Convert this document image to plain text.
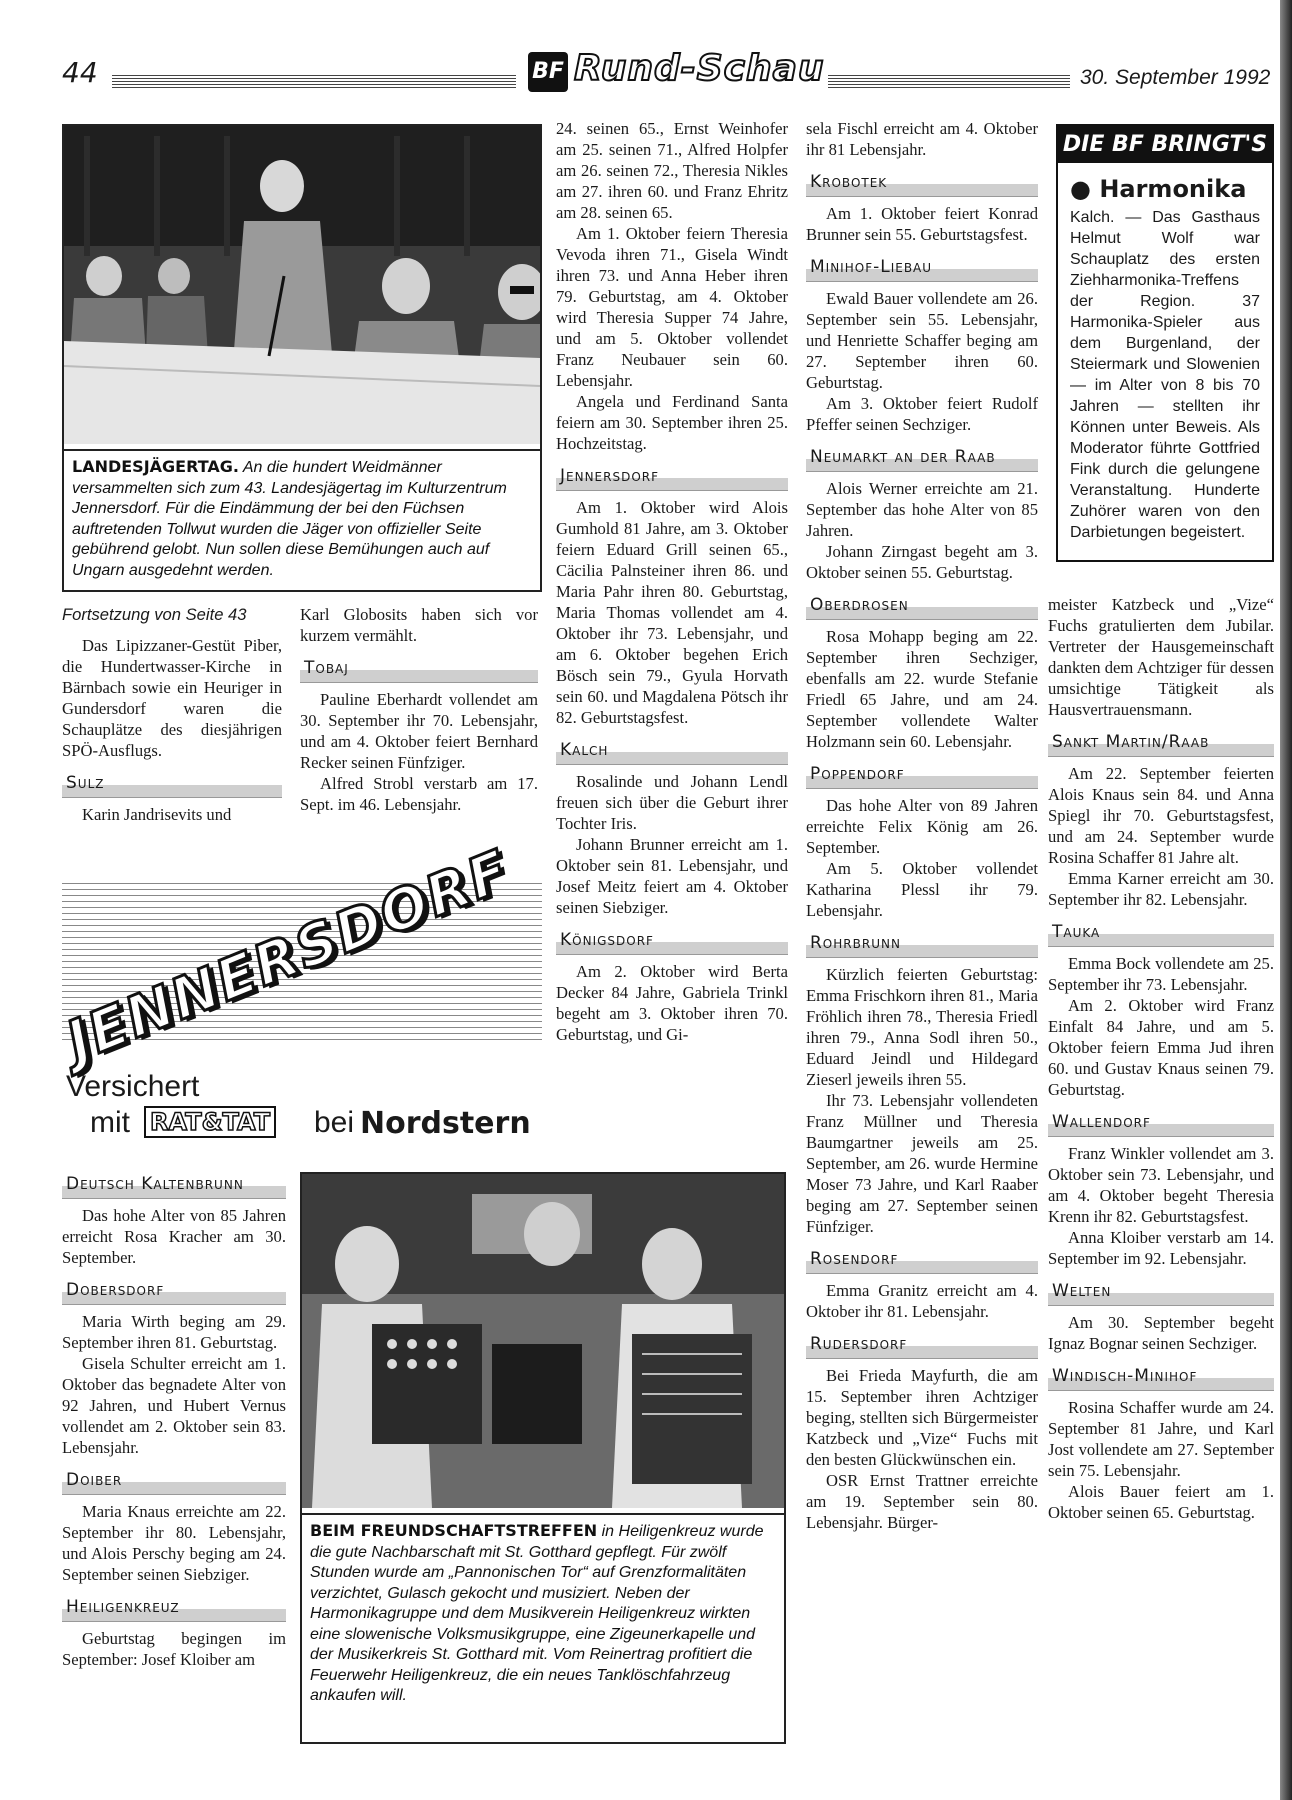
44	BF Rund-Schau	30. September 1992
LANDESJÄGERTAG. An die hundert Weidmänner versammelten sich zum 43. Landesjägertag im Kulturzentrum Jennersdorf. Für die Eindämmung der bei den Füchsen auftretenden Tollwut wurden die Jäger von offizieller Seite gebührend gelobt. Nun sollen diese Bemühungen auch auf Ungarn ausgedehnt werden.

Fortsetzung von Seite 43

Das Lipizzaner-Gestüt Piber, die Hundertwasser-Kirche in Bärnbach sowie ein Heuriger in Gundersdorf waren die Schauplätze des diesjährigen SPÖ-Ausflugs.

Sulz

Karin Jandrisevits und

Karl Globosits haben sich vor kurzem vermählt.

Tobaj

Pauline Eberhardt vollendet am 30. September ihr 70. Lebensjahr, und am 4. Oktober feiert Bernhard Recker seinen Fünfziger.

Alfred Strobl verstarb am 17. Sept. im 46. Lebensjahr.

JENNERSDORF
Versichert
mit RAT&TAT bei Nordstern
Deutsch Kaltenbrunn

Das hohe Alter von 85 Jahren erreicht Rosa Kracher am 30. September.

Dobersdorf

Maria Wirth beging am 29. September ihren 81. Geburtstag.

Gisela Schulter erreicht am 1. Oktober das begnadete Alter von 92 Jahren, und Hubert Vernus vollendet am 2. Oktober sein 83. Lebensjahr.

Doiber

Maria Knaus erreichte am 22. September ihr 80. Lebensjahr, und Alois Perschy beging am 24. September seinen Siebziger.

Heiligenkreuz

Geburtstag begingen im September: Josef Kloiber am

BEIM FREUNDSCHAFTSTREFFEN in Heiligenkreuz wurde die gute Nachbarschaft mit St. Gotthard gepflegt. Für zwölf Stunden wurde am „Pannonischen Tor“ auf Grenzformalitäten verzichtet, Gulasch gekocht und musiziert. Neben der Harmonikagruppe und dem Musikverein Heiligenkreuz wirkten eine slowenische Volksmusikgruppe, eine Zigeunerkapelle und der Musikerkreis St. Gotthard mit. Vom Reinertrag profitiert die Feuerwehr Heiligenkreuz, die ein neues Tanklöschfahrzeug ankaufen will.

24. seinen 65., Ernst Weinhofer am 25. seinen 71., Alfred Holpfer am 26. seinen 72., Theresia Nikles am 27. ihren 60. und Franz Ehritz am 28. seinen 65.

Am 1. Oktober feiern Theresia Vevoda ihren 71., Gisela Windt ihren 73. und Anna Heber ihren 79. Geburtstag, am 4. Oktober wird Theresia Supper 74 Jahre, und am 5. Oktober vollendet Franz Neubauer sein 60. Lebensjahr.

Angela und Ferdinand Santa feiern am 30. September ihren 25. Hochzeitstag.

Jennersdorf

Am 1. Oktober wird Alois Gumhold 81 Jahre, am 3. Oktober feiern Eduard Grill seinen 65., Cäcilia Palnsteiner ihren 86. und Maria Pahr ihren 80. Geburtstag, Maria Thomas vollendet am 4. Oktober ihr 73. Lebensjahr, und am 6. Oktober begehen Erich Bösch sein 79., Gyula Horvath sein 60. und Magdalena Pötsch ihr 82. Geburtstagsfest.

Kalch

Rosalinde und Johann Lendl freuen sich über die Geburt ihrer Tochter Iris.

Johann Brunner erreicht am 1. Oktober sein 81. Lebensjahr, und Josef Meitz feiert am 4. Oktober seinen Siebziger.

Königsdorf

Am 2. Oktober wird Berta Decker 84 Jahre, Gabriela Trinkl begeht am 3. Oktober ihren 70. Geburtstag, und Gi-

sela Fischl erreicht am 4. Oktober ihr 81 Lebensjahr.

Krobotek

Am 1. Oktober feiert Konrad Brunner sein 55. Geburtstagsfest.

Minihof-Liebau

Ewald Bauer vollendete am 26. September sein 55. Lebensjahr, und Henriette Schaffer beging am 27. September ihren 60. Geburtstag.

Am 3. Oktober feiert Rudolf Pfeffer seinen Sechziger.

Neumarkt an der Raab

Alois Werner erreichte am 21. September das hohe Alter von 85 Jahren.

Johann Zirngast begeht am 3. Oktober seinen 55. Geburtstag.

Oberdrosen

Rosa Mohapp beging am 22. September ihren Sechziger, ebenfalls am 22. wurde Stefanie Friedl 65 Jahre, und am 24. September vollendete Walter Holzmann sein 60. Lebensjahr.

Poppendorf

Das hohe Alter von 89 Jahren erreichte Felix König am 26. September.

Am 5. Oktober vollendet Katharina Plessl ihr 79. Lebensjahr.

Rohrbrunn

Kürzlich feierten Geburtstag: Emma Frischkorn ihren 81., Maria Fröhlich ihren 78., Theresia Friedl ihren 79., Anna Sodl ihren 50., Eduard Jeindl und Hildegard Zieserl jeweils ihren 55.

Ihr 73. Lebensjahr vollendeten Franz Müllner und Theresia Baumgartner jeweils am 25. September, am 26. wurde Hermine Moser 73 Jahre, und Karl Raaber beging am 27. September seinen Fünfziger.

Rosendorf

Emma Granitz erreicht am 4. Oktober ihr 81. Lebensjahr.

Rudersdorf

Bei Frieda Mayfurth, die am 15. September ihren Achtziger beging, stellten sich Bürgermeister Katzbeck und „Vize“ Fuchs mit den besten Glückwünschen ein.

OSR Ernst Trattner erreichte am 19. September sein 80. Lebensjahr. Bürger-

DIE BF BRINGT'S
● Harmonika
Kalch. — Das Gasthaus Helmut Wolf war Schauplatz des ersten Ziehharmonika-Treffens der Region. 37 Harmonika-Spieler aus dem Burgenland, der Steiermark und Slowenien — im Alter von 8 bis 70 Jahren — stellten ihr Können unter Beweis. Als Moderator führte Gottfried Fink durch die gelungene Veranstaltung. Hunderte Zuhörer waren von den Darbietungen begeistert.

meister Katzbeck und „Vize“ Fuchs gratulierten dem Jubilar. Vertreter der Hausgemeinschaft dankten dem Achtziger für dessen umsichtige Tätigkeit als Hausvertrauensmann.

Sankt Martin/Raab

Am 22. September feierten Alois Knaus sein 84. und Anna Spiegl ihr 70. Geburtstagsfest, und am 24. September wurde Rosina Schaffer 81 Jahre alt.

Emma Karner erreicht am 30. September ihr 82. Lebensjahr.

Tauka

Emma Bock vollendete am 25. September ihr 73. Lebensjahr.

Am 2. Oktober wird Franz Einfalt 84 Jahre, und am 5. Oktober feiern Emma Jud ihren 60. und Gustav Knaus seinen 79. Geburtstag.

Wallendorf

Franz Winkler vollendet am 3. Oktober sein 73. Lebensjahr, und am 4. Oktober begeht Theresia Krenn ihr 82. Geburtstagsfest.

Anna Kloiber verstarb am 14. September im 92. Lebensjahr.

Welten

Am 30. September begeht Ignaz Bognar seinen Sechziger.

Windisch-Minihof

Rosina Schaffer wurde am 24. September 81 Jahre, und Karl Jost vollendete am 27. September sein 75. Lebensjahr.

Alois Bauer feiert am 1. Oktober seinen 65. Geburtstag.
